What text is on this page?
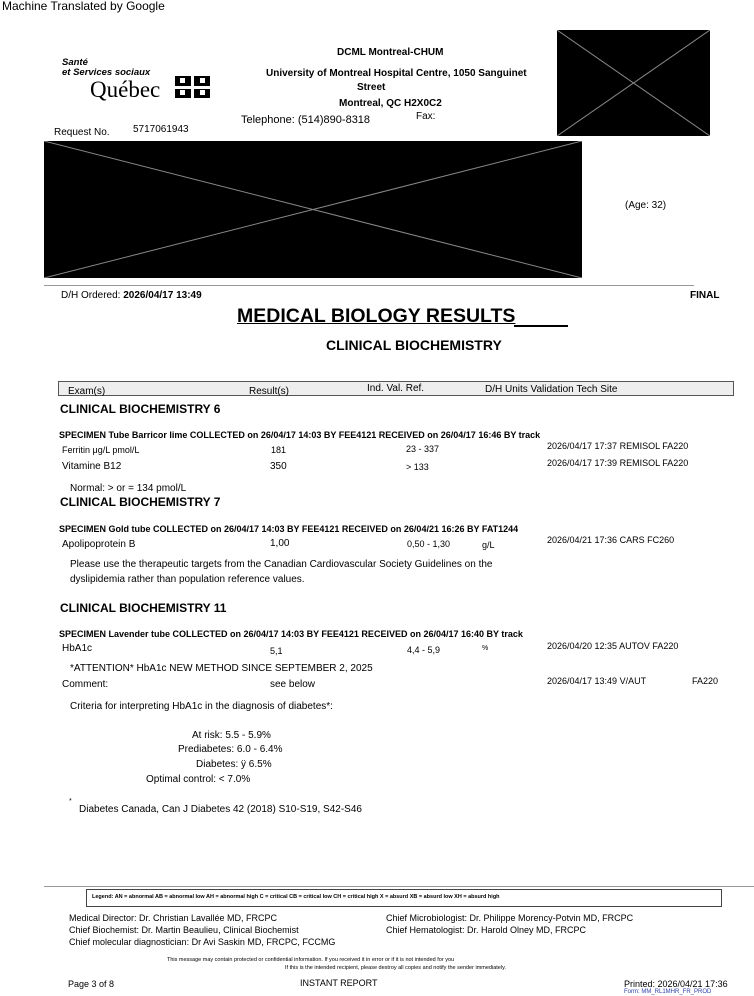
Machine Translated by Google
Santé
et Services sociaux
Québec
DCML Montreal-CHUM
University of Montreal Hospital Centre, 1050 Sanguinet
Street
Montreal, QC H2X0C2
Telephone: (514)890-8318	Fax:
Request No. 5717061943
(Age: 32)
D/H Ordered: 2026/04/17 13:49	FINAL
MEDICAL BIOLOGY RESULTS
CLINICAL BIOCHEMISTRY
Exam(s)	Result(s)	Ind. Val. Ref.	D/H Units Validation Tech Site
CLINICAL BIOCHEMISTRY 6
SPECIMEN Tube Barricor lime COLLECTED on 26/04/17 14:03 BY FEE4121 RECEIVED on 26/04/17 16:46 BY track
Ferritin μg/L pmol/L	181	23 - 337	2026/04/17 17:37 REMISOL FA220
Vitamine B12	350	> 133	2026/04/17 17:39 REMISOL FA220
Normal: > or = 134 pmol/L
CLINICAL BIOCHEMISTRY 7
SPECIMEN Gold tube COLLECTED on 26/04/17 14:03 BY FEE4121 RECEIVED on 26/04/21 16:26 BY FAT1244
Apolipoprotein B	1,00	0,50 - 1,30	g/L	2026/04/21 17:36 CARS FC260
Please use the therapeutic targets from the Canadian Cardiovascular Society Guidelines on the
dyslipidemia rather than population reference values.
CLINICAL BIOCHEMISTRY 11
SPECIMEN Lavender tube COLLECTED on 26/04/17 14:03 BY FEE4121 RECEIVED on 26/04/17 16:40 BY track
HbA1c	5,1	4,4 - 5,9	%	2026/04/20 12:35 AUTOV FA220
*ATTENTION* HbA1c NEW METHOD SINCE SEPTEMBER 2, 2025
Comment:	see below	2026/04/17 13:49 V/AUT	FA220
Criteria for interpreting HbA1c in the diagnosis of diabetes*:
At risk: 5.5 - 5.9%
Prediabetes: 6.0 - 6.4%
Diabetes: ÿ 6.5%
Optimal control: < 7.0%
*
Diabetes Canada, Can J Diabetes 42 (2018) S10-S19, S42-S46
Legend: AN = abnormal AB = abnormal low AH = abnormal high C = critical CB = critical low CH = critical high X = absurd XB = absurd low XH = absurd high
Medical Director: Dr. Christian Lavallée MD, FRCPC
Chief Biochemist: Dr. Martin Beaulieu, Clinical Biochemist
Chief molecular diagnostician: Dr Avi Saskin MD, FRCPC, FCCMG
Chief Microbiologist: Dr. Philippe Morency-Potvin MD, FRCPC
Chief Hematologist: Dr. Harold Olney MD, FRCPC
This message may contain protected or confidential information. If you received it in error or if it is not intended for you
If this is the intended recipient, please destroy all copies and notify the sender immediately.
Page 3 of 8	INSTANT REPORT	Printed: 2026/04/21 17:36
Form: MM_RL1MHR_FR_PROD
